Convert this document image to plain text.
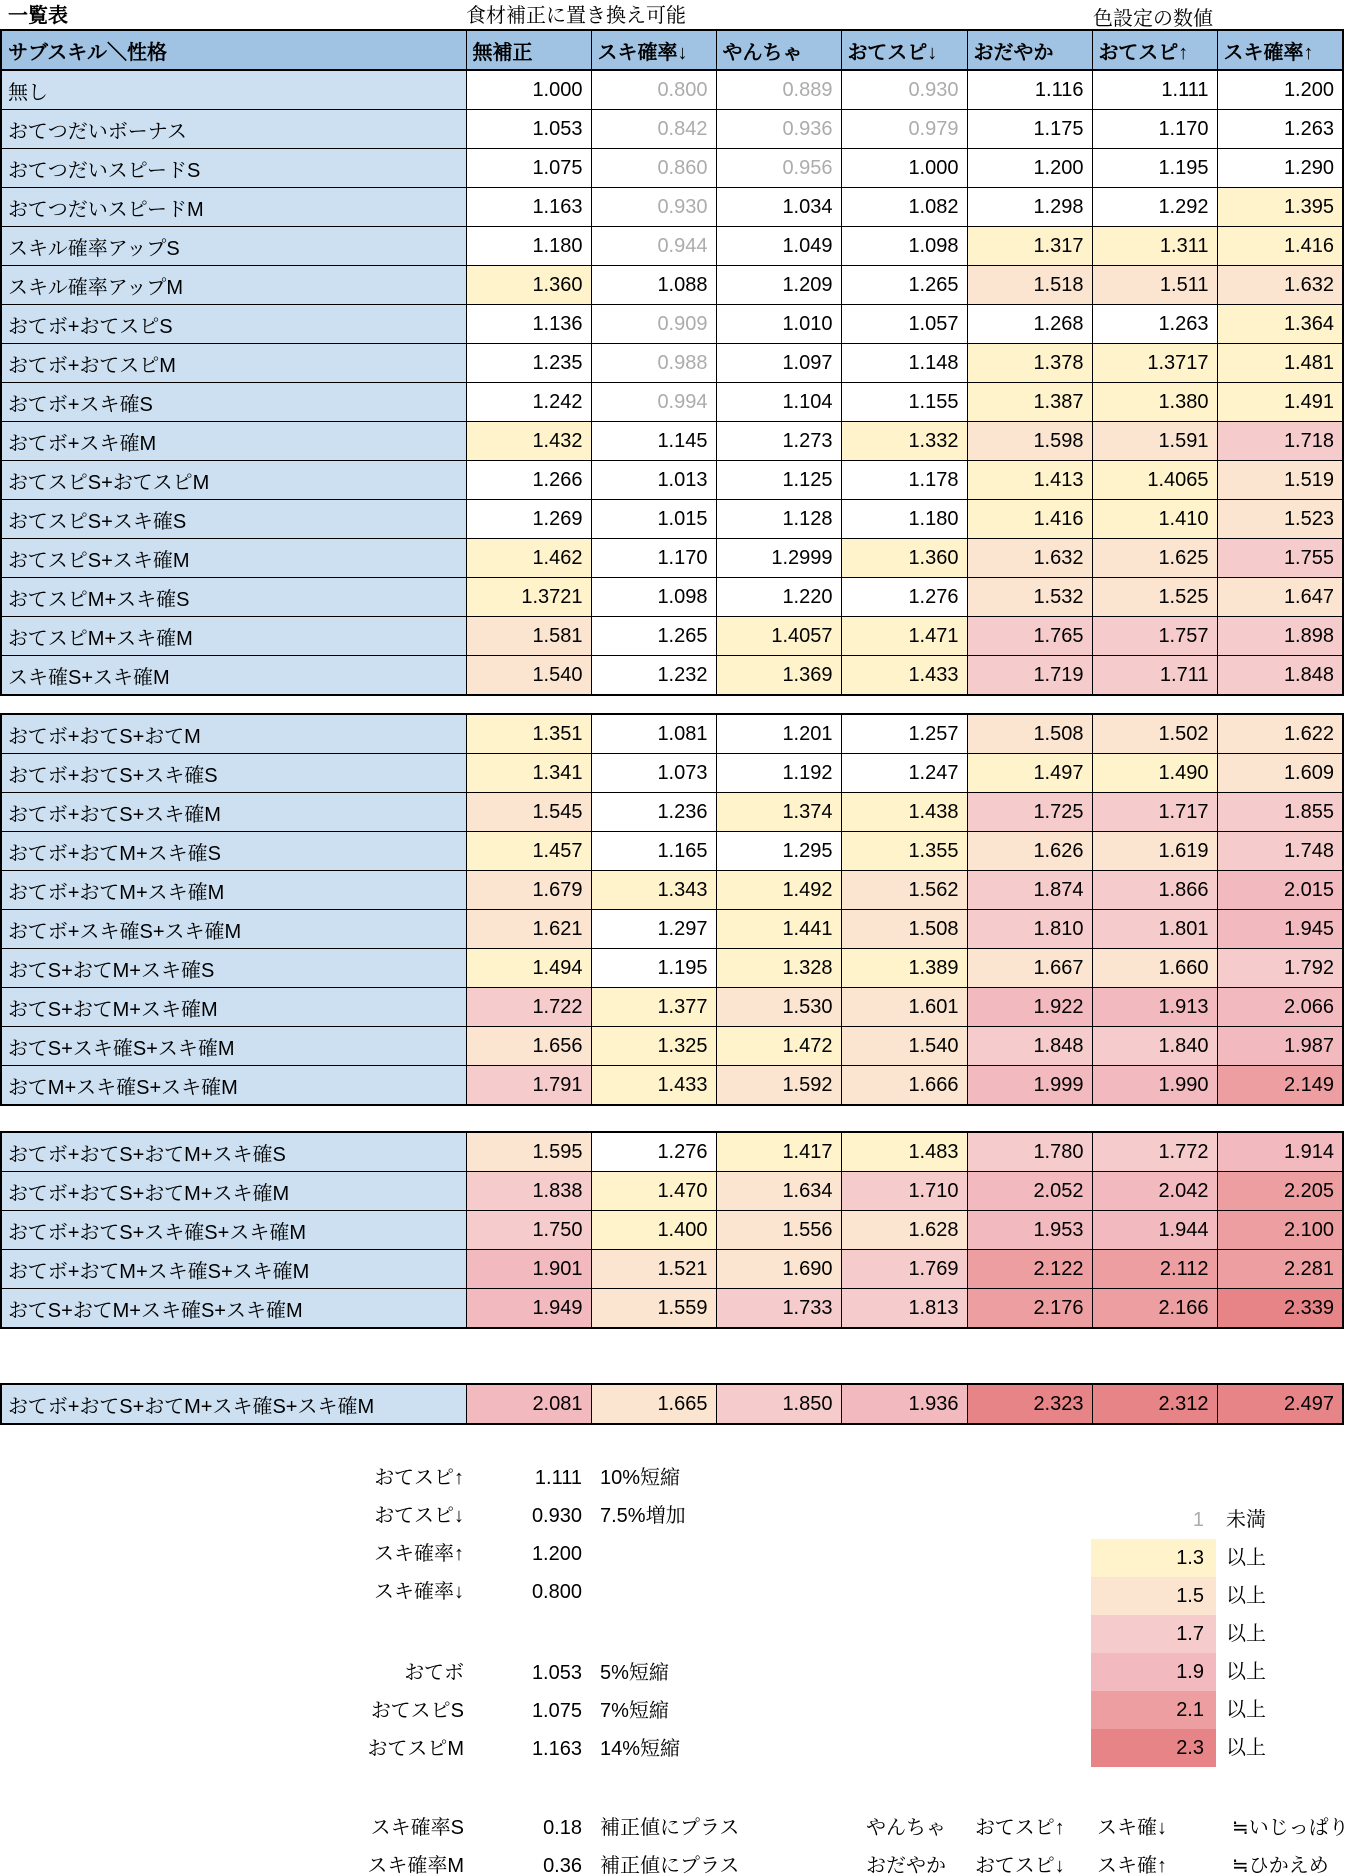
一覧表	食材補正に置き換え可能
サブスキル＼性格	無補正	スキ確率↓	やんちゃ	おてスピ↓	おだやか	おてスピ↑	スキ確率↑
無し	1.000	0.800	0.889	0.930	1.116	1.111	1.200
おてつだいボーナス	1.053	0.842	0.936	0.979	1.175	1.170	1.263
おてつだいスピードS	1.075	0.860	0.956	1.000	1.200	1.195	1.290
おてつだいスピードM	1.163	0.930	1.034	1.082	1.298	1.292	1.395
スキル確率アップS	1.180	0.944	1.049	1.098	1.317	1.311	1.416
スキル確率アップM	1.360	1.088	1.209	1.265	1.518	1.511	1.632
おてボ+おてスピS	1.136	0.909	1.010	1.057	1.268	1.263	1.364
おてボ+おてスピM	1.235	0.988	1.097	1.148	1.378	1.3717	1.481
おてボ+スキ確S	1.242	0.994	1.104	1.155	1.387	1.380	1.491
おてボ+スキ確M	1.432	1.145	1.273	1.332	1.598	1.591	1.718
おてスピS+おてスピM	1.266	1.013	1.125	1.178	1.413	1.4065	1.519
おてスピS+スキ確S	1.269	1.015	1.128	1.180	1.416	1.410	1.523
おてスピS+スキ確M	1.462	1.170	1.2999	1.360	1.632	1.625	1.755
おてスピM+スキ確S	1.3721	1.098	1.220	1.276	1.532	1.525	1.647
おてスピM+スキ確M	1.581	1.265	1.4057	1.471	1.765	1.757	1.898
スキ確S+スキ確M	1.540	1.232	1.369	1.433	1.719	1.711	1.848
おてボ+おてS+おてM	1.351	1.081	1.201	1.257	1.508	1.502	1.622
おてボ+おてS+スキ確S	1.341	1.073	1.192	1.247	1.497	1.490	1.609
おてボ+おてS+スキ確M	1.545	1.236	1.374	1.438	1.725	1.717	1.855
おてボ+おてM+スキ確S	1.457	1.165	1.295	1.355	1.626	1.619	1.748
おてボ+おてM+スキ確M	1.679	1.343	1.492	1.562	1.874	1.866	2.015
おてボ+スキ確S+スキ確M	1.621	1.297	1.441	1.508	1.810	1.801	1.945
おてS+おてM+スキ確S	1.494	1.195	1.328	1.389	1.667	1.660	1.792
おてS+おてM+スキ確M	1.722	1.377	1.530	1.601	1.922	1.913	2.066
おてS+スキ確S+スキ確M	1.656	1.325	1.472	1.540	1.848	1.840	1.987
おてM+スキ確S+スキ確M	1.791	1.433	1.592	1.666	1.999	1.990	2.149
おてボ+おてS+おてM+スキ確S	1.595	1.276	1.417	1.483	1.780	1.772	1.914
おてボ+おてS+おてM+スキ確M	1.838	1.470	1.634	1.710	2.052	2.042	2.205
おてボ+おてS+スキ確S+スキ確M	1.750	1.400	1.556	1.628	1.953	1.944	2.100
おてボ+おてM+スキ確S+スキ確M	1.901	1.521	1.690	1.769	2.122	2.112	2.281
おてS+おてM+スキ確S+スキ確M	1.949	1.559	1.733	1.813	2.176	2.166	2.339
おてボ+おてS+おてM+スキ確S+スキ確M	2.081	1.665	1.850	1.936	2.323	2.312	2.497
おてスピ↑	1.111 10%短縮
おてスピ↓	0.930 7.5%増加
スキ確率↑	1.200
スキ確率↓	0.800
おてボ	1.053 5%短縮
おてスピS	1.075 7%短縮
おてスピM	1.163 14%短縮
スキ確率S	0.18 補正値にプラス
スキ確率M	0.36 補正値にプラス
色設定の数値
1	未満
1.3	以上
1.5	以上
1.7	以上
1.9	以上
2.1	以上
2.3	以上
やんちゃ おてスピ↑ スキ確↓	≒いじっぱり
おだやか おてスピ↓ スキ確↑	≒ひかえめ
